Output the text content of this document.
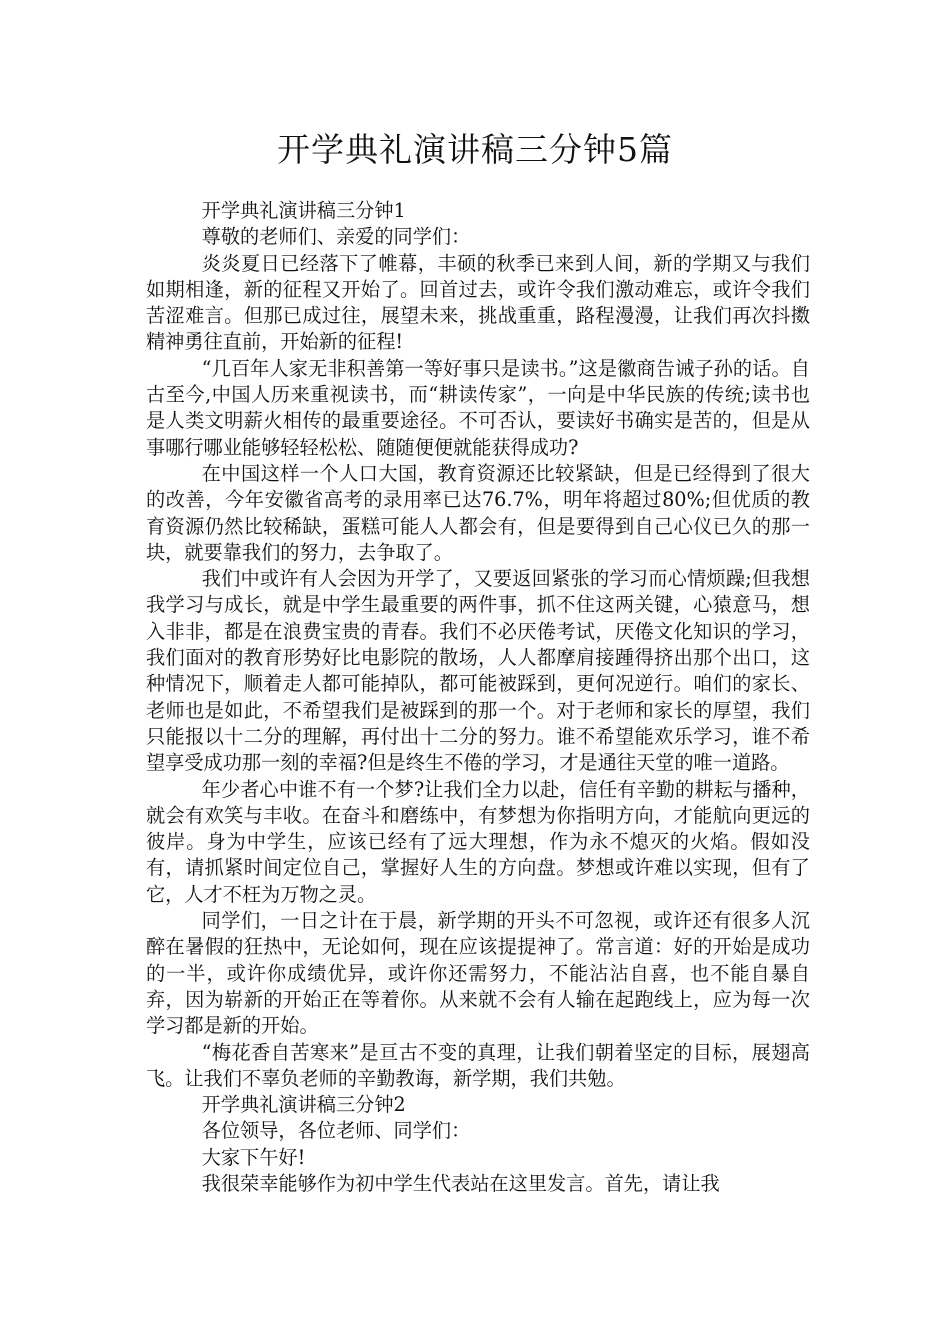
开学典礼演讲稿三分钟5篇

开学典礼演讲稿三分钟1

尊敬的老师们、亲爱的同学们：

炎炎夏日已经落下了帷幕，丰硕的秋季已来到人间，新的学期又与我们如期相逢，新的征程又开始了。回首过去，或许令我们激动难忘，或许令我们苦涩难言。但那已成过往，展望未来，挑战重重，路程漫漫，让我们再次抖擞精神勇往直前，开始新的征程!

“几百年人家无非积善第一等好事只是读书。”这是徽商告诫子孙的话。自古至今,中国人历来重视读书，而“耕读传家”，一向是中华民族的传统;读书也是人类文明薪火相传的最重要途径。不可否认，要读好书确实是苦的，但是从事哪行哪业能够轻轻松松、随随便便就能获得成功?

在中国这样一个人口大国，教育资源还比较紧缺，但是已经得到了很大的改善，今年安徽省高考的录用率已达76.7%，明年将超过80%;但优质的教育资源仍然比较稀缺，蛋糕可能人人都会有，但是要得到自己心仪已久的那一块，就要靠我们的努力，去争取了。

我们中或许有人会因为开学了，又要返回紧张的学习而心情烦躁;但我想我学习与成长，就是中学生最重要的两件事，抓不住这两关键，心猿意马，想入非非，都是在浪费宝贵的青春。我们不必厌倦考试，厌倦文化知识的学习，我们面对的教育形势好比电影院的散场，人人都摩肩接踵得挤出那个出口，这种情况下，顺着走人都可能掉队，都可能被踩到，更何况逆行。咱们的家长、老师也是如此，不希望我们是被踩到的那一个。对于老师和家长的厚望，我们只能报以十二分的理解，再付出十二分的努力。谁不希望能欢乐学习，谁不希望享受成功那一刻的幸福?但是终生不倦的学习，才是通往天堂的唯一道路。

年少者心中谁不有一个梦?让我们全力以赴，信任有辛勤的耕耘与播种，就会有欢笑与丰收。在奋斗和磨练中，有梦想为你指明方向，才能航向更远的彼岸。身为中学生，应该已经有了远大理想，作为永不熄灭的火焰。假如没有，请抓紧时间定位自己，掌握好人生的方向盘。梦想或许难以实现，但有了它，人才不枉为万物之灵。

同学们，一日之计在于晨，新学期的开头不可忽视，或许还有很多人沉醉在暑假的狂热中，无论如何，现在应该提提神了。常言道：好的开始是成功的一半，或许你成绩优异，或许你还需努力，不能沾沾自喜，也不能自暴自弃，因为崭新的开始正在等着你。从来就不会有人输在起跑线上，应为每一次学习都是新的开始。

“梅花香自苦寒来”是亘古不变的真理，让我们朝着坚定的目标，展翅高飞。让我们不辜负老师的辛勤教诲，新学期，我们共勉。

开学典礼演讲稿三分钟2

各位领导，各位老师、同学们：

大家下午好!

我很荣幸能够作为初中学生代表站在这里发言。首先，请让我
